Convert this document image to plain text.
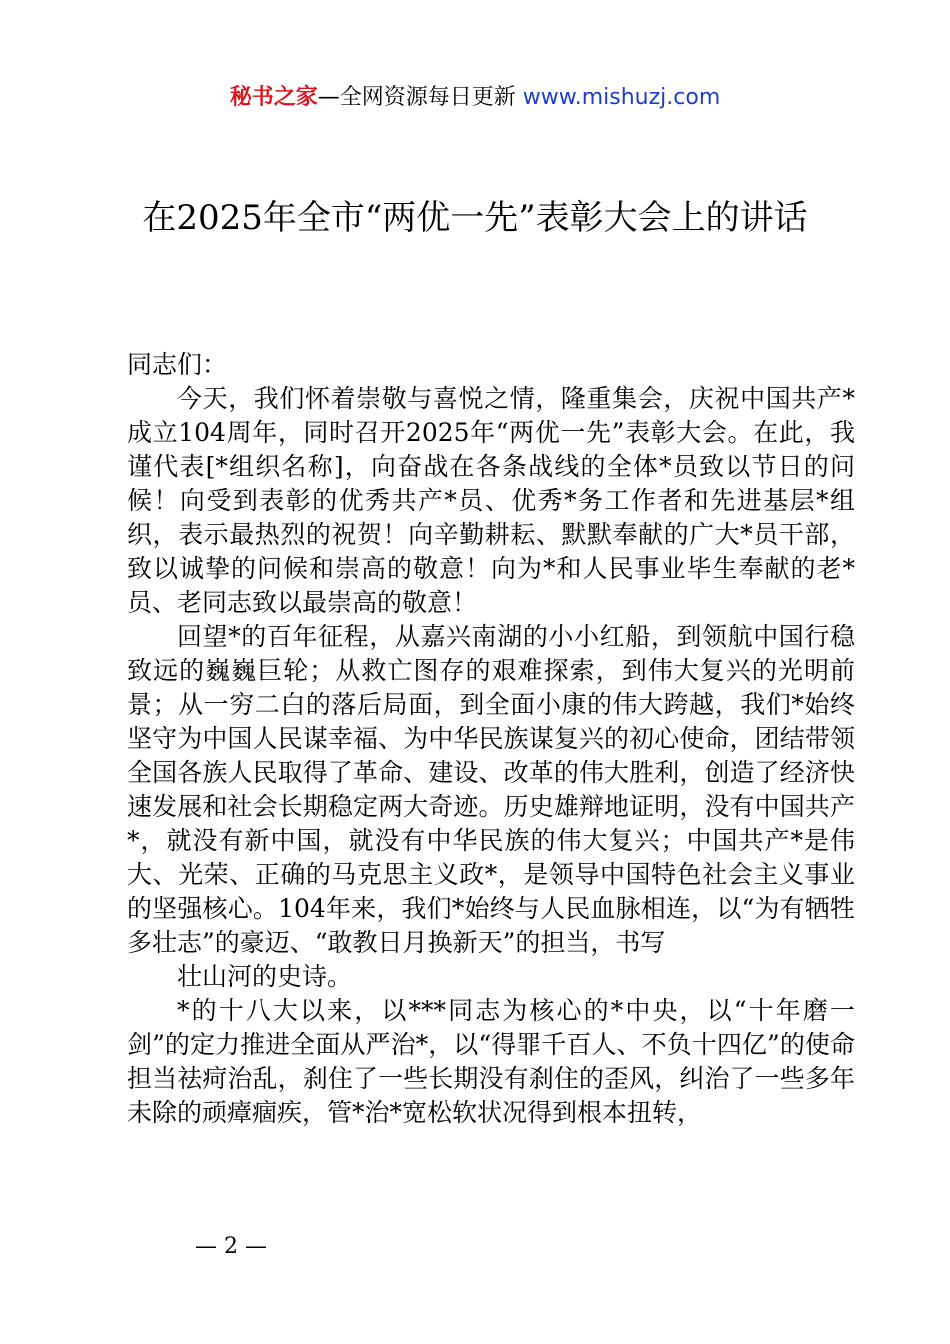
秘书之家—全网资源每日更新 www.mishuzj.com
在2025年全市“两优一先”表彰大会上的讲话

同志们：

今天，我们怀着崇敬与喜悦之情，隆重集会，庆祝中国共产*成立104周年，同时召开2025年“两优一先”表彰大会。在此，我谨代表[*组织名称]，向奋战在各条战线的全体*员致以节日的问候！向受到表彰的优秀共产*员、优秀*务工作者和先进基层*组织，表示最热烈的祝贺！向辛勤耕耘、默默奉献的广大*员干部，致以诚挚的问候和崇高的敬意！向为*和人民事业毕生奉献的老*员、老同志致以最崇高的敬意！

回望*的百年征程，从嘉兴南湖的小小红船，到领航中国行稳致远的巍巍巨轮；从救亡图存的艰难探索，到伟大复兴的光明前景；从一穷二白的落后局面，到全面小康的伟大跨越，我们*始终坚守为中国人民谋幸福、为中华民族谋复兴的初心使命，团结带领全国各族人民取得了革命、建设、改革的伟大胜利，创造了经济快速发展和社会长期稳定两大奇迹。历史雄辩地证明，没有中国共产*，就没有新中国，就没有中华民族的伟大复兴；中国共产*是伟大、光荣、正确的马克思主义政*，是领导中国特色社会主义事业的坚强核心。104年来，我们*始终与人民血脉相连，以“为有牺牲多壮志”的豪迈、“敢教日月换新天”的担当，书写

壮山河的史诗。

*的十八大以来，以***同志为核心的*中央，以“十年磨一剑”的定力推进全面从严治*，以“得罪千百人、不负十四亿”的使命担当祛疴治乱，刹住了一些长期没有刹住的歪风，纠治了一些多年未除的顽瘴痼疾，管*治*宽松软状况得到根本扭转，

— 2 —
